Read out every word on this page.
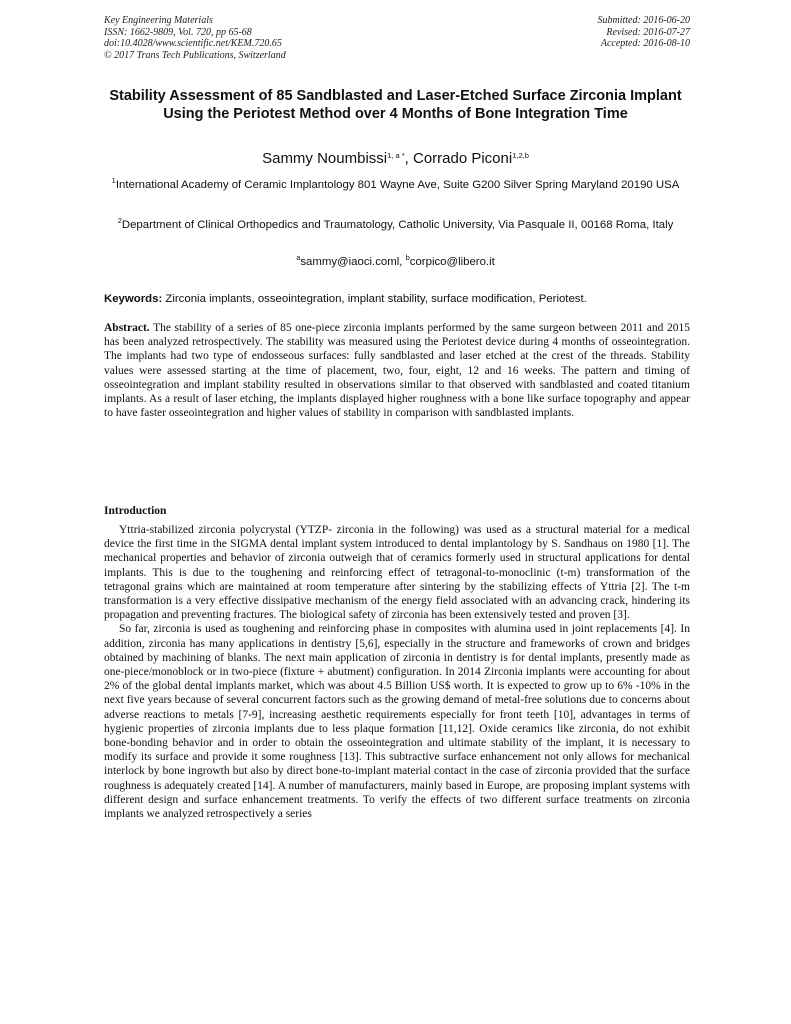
Key Engineering Materials
ISSN: 1662-9809, Vol. 720, pp 65-68
doi:10.4028/www.scientific.net/KEM.720.65
© 2017 Trans Tech Publications, Switzerland
Submitted: 2016-06-20
Revised: 2016-07-27
Accepted: 2016-08-10
Stability Assessment of 85 Sandblasted and Laser-Etched Surface Zirconia Implant Using the Periotest Method over 4 Months of Bone Integration Time
Sammy Noumbissi$^{1, a *}$, Corrado Piconi$^{1,2,b}$
$^1$International Academy of Ceramic Implantology 801 Wayne Ave, Suite G200 Silver Spring Maryland 20190 USA
$^2$Department of Clinical Orthopedics and Traumatology, Catholic University, Via Pasquale II, 00168 Roma, Italy
$^a$sammy@iaoci.coml, $^b$corpico@libero.it
Keywords: Zirconia implants, osseointegration, implant stability, surface modification, Periotest.
Abstract. The stability of a series of 85 one-piece zirconia implants performed by the same surgeon between 2011 and 2015 has been analyzed retrospectively. The stability was measured using the Periotest device during 4 months of osseointegration. The implants had two type of endosseous surfaces: fully sandblasted and laser etched at the crest of the threads. Stability values were assessed starting at the time of placement, two, four, eight, 12 and 16 weeks. The pattern and timing of osseointegration and implant stability resulted in observations similar to that observed with sandblasted and coated titanium implants. As a result of laser etching, the implants displayed higher roughness with a bone like surface topography and appear to have faster osseointegration and higher values of stability in comparison with sandblasted implants.
Introduction

Yttria-stabilized zirconia polycrystal (YTZP- zirconia in the following) was used as a structural material for a medical device the first time in the SIGMA dental implant system introduced to dental implantology by S. Sandhaus on 1980 [1]. The mechanical properties and behavior of zirconia outweigh that of ceramics formerly used in structural applications for dental implants. This is due to the toughening and reinforcing effect of tetragonal-to-monoclinic (t-m) transformation of the tetragonal grains which are maintained at room temperature after sintering by the stabilizing effects of Yttria [2]. The t-m transformation is a very effective dissipative mechanism of the energy field associated with an advancing crack, hindering its propagation and preventing fractures. The biological safety of zirconia has been extensively tested and proven [3].

So far, zirconia is used as toughening and reinforcing phase in composites with alumina used in joint replacements [4]. In addition, zirconia has many applications in dentistry [5,6], especially in the structure and frameworks of crown and bridges obtained by machining of blanks. The next main application of zirconia in dentistry is for dental implants, presently made as one-piece/monoblock or in two-piece (fixture + abutment) configuration. In 2014 Zirconia implants were accounting for about 2% of the global dental implants market, which was about 4.5 Billion US$ worth. It is expected to grow up to 6% -10% in the next five years because of several concurrent factors such as the growing demand of metal-free solutions due to concerns about adverse reactions to metals [7-9], increasing aesthetic requirements especially for front teeth [10], advantages in terms of hygienic properties of zirconia implants due to less plaque formation [11,12]. Oxide ceramics like zirconia, do not exhibit bone-bonding behavior and in order to obtain the osseointegration and ultimate stability of the implant, it is necessary to modify its surface and provide it some roughness [13]. This subtractive surface enhancement not only allows for mechanical interlock by bone ingrowth but also by direct bone-to-implant material contact in the case of zirconia provided that the surface roughness is adequately created [14]. A number of manufacturers, mainly based in Europe, are proposing implant systems with different design and surface enhancement treatments. To verify the effects of two different surface treatments on zirconia implants we analyzed retrospectively a series
